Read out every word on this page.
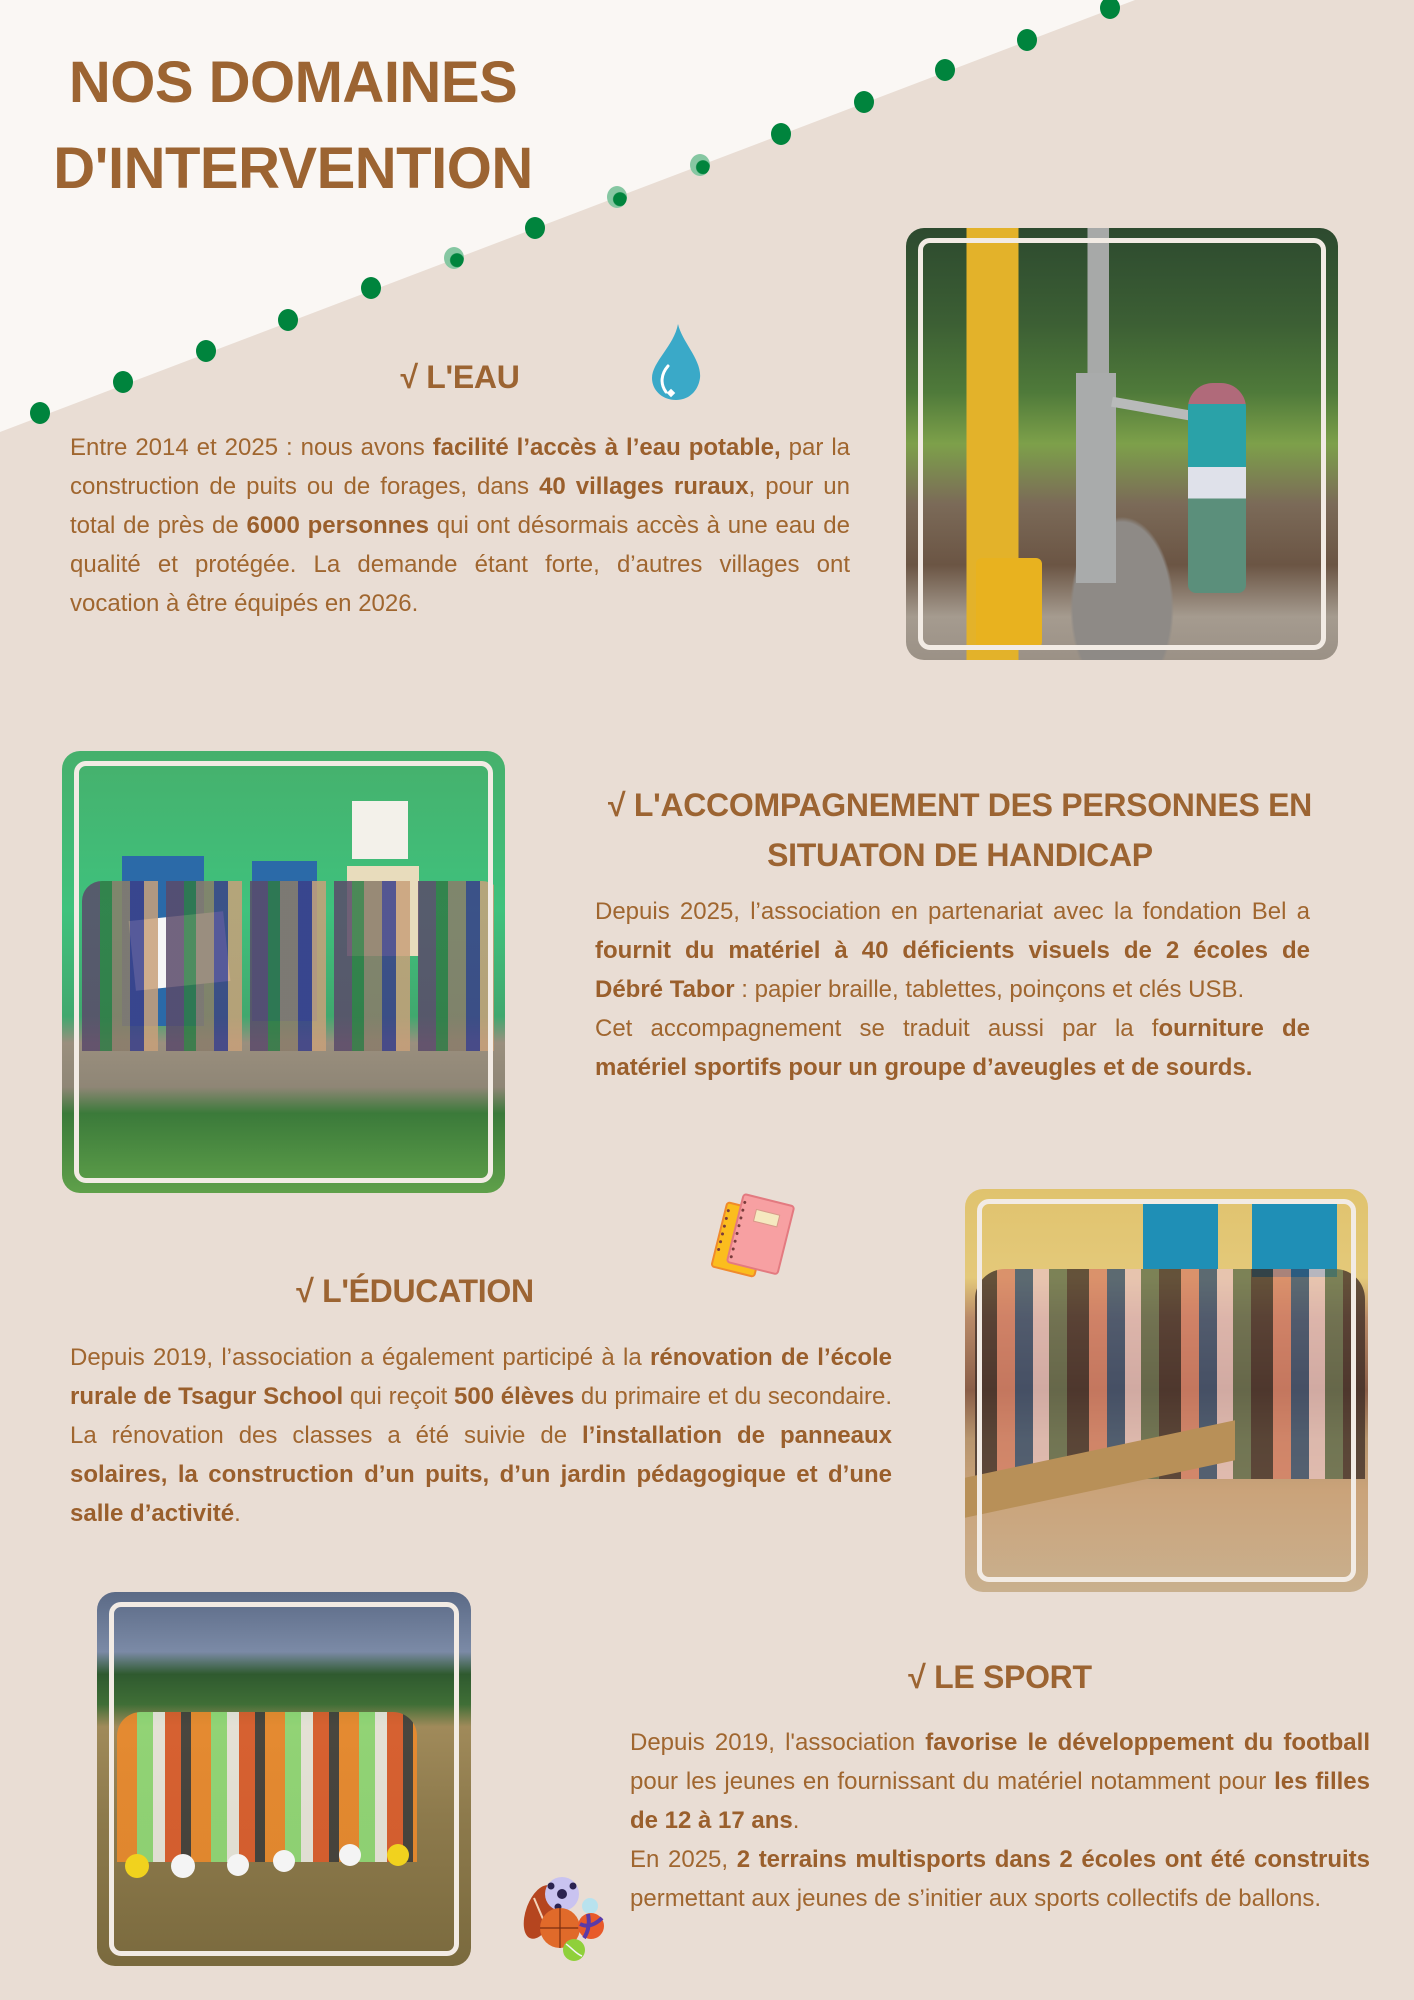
NOS DOMAINES
D'INTERVENTION
√ L'EAU

Entre 2014 et 2025 : nous avons facilité l’accès à l’eau potable, par la construction de puits ou de forages, dans 40 villages ruraux, pour un total de près de 6000 personnes qui ont désormais accès à une eau de qualité et protégée. La demande étant forte, d’autres villages ont vocation à être équipés en 2026.

√ L'ACCOMPAGNEMENT DES PERSONNES EN
SITUATON DE HANDICAP

Depuis 2025, l’association en partenariat avec la fondation Bel a fournit du matériel à 40 déficients visuels de 2 écoles de Débré Tabor : papier braille, tablettes, poinçons et clés USB.
Cet accompagnement se traduit aussi par la fourniture de matériel sportifs pour un groupe d’aveugles et de sourds.

√ L'ÉDUCATION

Depuis 2019, l’association a également participé à la rénovation de l’école rurale de Tsagur School qui reçoit 500 élèves du primaire et du secondaire. La rénovation des classes a été suivie de l’installation de panneaux solaires, la construction d’un puits, d’un jardin pédagogique et d’une salle d’activité.

√ LE SPORT

Depuis 2019, l'association favorise le développement du football pour les jeunes en fournissant du matériel notamment pour les filles de 12 à 17 ans.
En 2025, 2 terrains multisports dans 2 écoles ont été construits permettant aux jeunes de s’initier aux sports collectifs de ballons.
